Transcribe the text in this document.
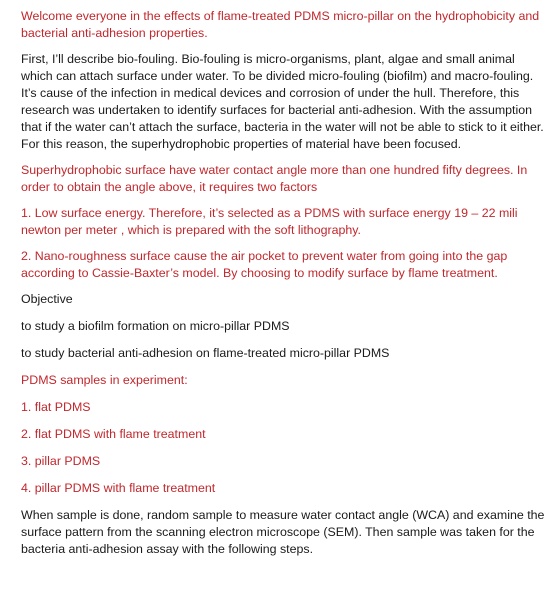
Welcome everyone in the effects of flame-treated PDMS micro-pillar on the hydrophobicity and bacterial anti-adhesion properties.

First, I’ll describe bio-fouling. Bio-fouling is micro-organisms, plant, algae and small animal which can attach surface under water. To be divided micro-fouling (biofilm) and macro-fouling. It’s cause of the infection in medical devices and corrosion of under the hull. Therefore, this research was undertaken to identify surfaces for bacterial anti-adhesion. With the assumption that if the water can’t attach the surface, bacteria in the water will not be able to stick to it either. For this reason, the superhydrophobic properties of material have been focused.

Superhydrophobic surface have water contact angle more than one hundred fifty degrees. In order to obtain the angle above, it requires two factors

1. Low surface energy. Therefore, it’s selected as a PDMS with surface energy 19 – 22 mili newton per meter , which is prepared with the soft lithography.

2. Nano-roughness surface cause the air pocket to prevent water from going into the gap according to Cassie-Baxter’s model. By choosing to modify surface by flame treatment.

Objective

to study a biofilm formation on micro-pillar PDMS

to study bacterial anti-adhesion on flame-treated micro-pillar PDMS

PDMS samples in experiment:

1. flat PDMS

2. flat PDMS with flame treatment

3. pillar PDMS

4. pillar PDMS with flame treatment

When sample is done, random sample to measure water contact angle (WCA) and examine the surface pattern from the scanning electron microscope (SEM). Then sample was taken for the bacteria anti-adhesion assay with the following steps.
